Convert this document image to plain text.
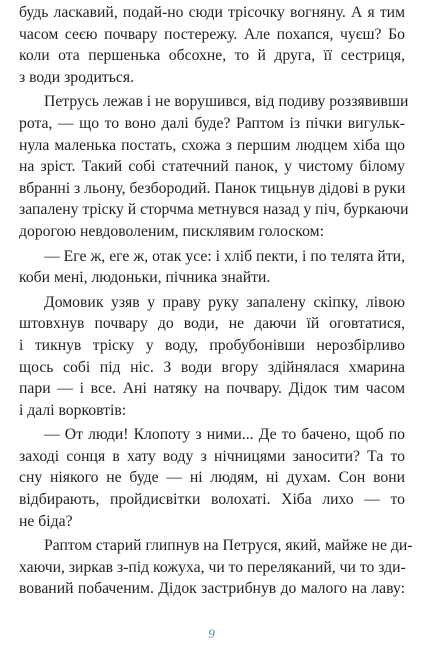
будь ласкавий, подай-но сюди трісочку вогняну. А я тим
часом сеєю почвару постережу. Але похапся, чуєш? Бо
коли ота першенька обсохне, то й друга, її сестриця,
з води зродиться.
Петрусь лежав і не ворушився, від подиву роззявивши
рота, — що то воно далі буде? Раптом із пічки вигульк-
нула маленька постать, схожа з першим людцем хіба що
на зріст. Такий собі статечний панок, у чистому білому
вбранні з льону, безбородий. Панок тицьнув дідові в руки
запалену тріску й сторчма метнувся назад у піч, буркаючи
дорогою невдоволеним, писклявим голоском:
— Еге ж, еге ж, отак усе: і хліб пекти, і по телята йти,
коби мені, людоньки, пічника знайти.
Домовик узяв у праву руку запалену скіпку, лівою
штовхнув почвару до води, не даючи їй оговтатися,
і тикнув тріску у воду, пробубонівши нерозбірливо
щось собі під ніс. З води вгору здійнялася хмарина
пари — і все. Ані натяку на почвару. Дідок тим часом
і далі ворковтів:
— От люди! Клопоту з ними... Де то бачено, щоб по
заході сонця в хату воду з нічницями заносити? Та то
сну ніякого не буде — ні людям, ні духам. Сон вони
відбирають, пройдисвітки волохаті. Хіба лихо — то
не біда?
Раптом старий глипнув на Петруся, який, майже не ди-
хаючи, зиркав з-під кожуха, чи то переляканий, чи то зди-
вований побаченим. Дідок застрибнув до малого на лаву:
9
